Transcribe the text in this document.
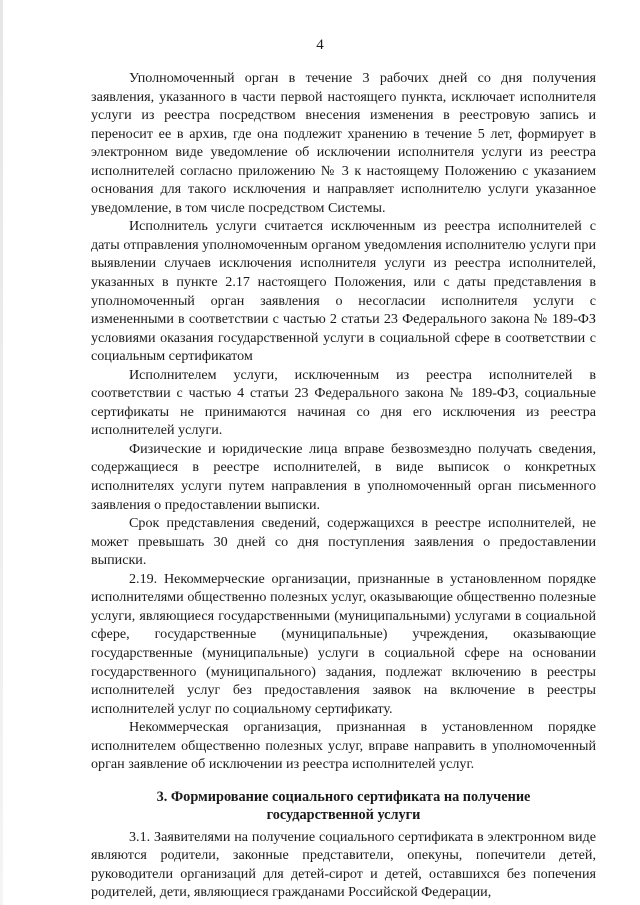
4

Уполномоченный орган в течение 3 рабочих дней со дня получения заявления, указанного в части первой настоящего пункта, исключает исполнителя услуги из реестра посредством внесения изменения в реестровую запись и переносит ее в архив, где она подлежит хранению в течение 5 лет, формирует в электронном виде уведомление об исключении исполнителя услуги из реестра исполнителей согласно приложению № 3 к настоящему Положению с указанием основания для такого исключения и направляет исполнителю услуги указанное уведомление, в том числе посредством Системы.

Исполнитель услуги считается исключенным из реестра исполнителей с даты отправления уполномоченным органом уведомления исполнителю услуги при выявлении случаев исключения исполнителя услуги из реестра исполнителей, указанных в пункте 2.17 настоящего Положения, или с даты представления в уполномоченный орган заявления о несогласии исполнителя услуги с измененными в соответствии с частью 2 статьи 23 Федерального закона № 189-ФЗ условиями оказания государственной услуги в социальной сфере в соответствии с социальным сертификатом

Исполнителем услуги, исключенным из реестра исполнителей в соответствии с частью 4 статьи 23 Федерального закона № 189-ФЗ, социальные сертификаты не принимаются начиная со дня его исключения из реестра исполнителей услуги.

Физические и юридические лица вправе безвозмездно получать сведения, содержащиеся в реестре исполнителей, в виде выписок о конкретных исполнителях услуги путем направления в уполномоченный орган письменного заявления о предоставлении выписки.

Срок представления сведений, содержащихся в реестре исполнителей, не может превышать 30 дней со дня поступления заявления о предоставлении выписки.

2.19. Некоммерческие организации, признанные в установленном порядке исполнителями общественно полезных услуг, оказывающие общественно полезные услуги, являющиеся государственными (муниципальными) услугами в социальной сфере, государственные (муниципальные) учреждения, оказывающие государственные (муниципальные) услуги в социальной сфере на основании государственного (муниципального) задания, подлежат включению в реестры исполнителей услуг без предоставления заявок на включение в реестры исполнителей услуг по социальному сертификату.

Некоммерческая организация, признанная в установленном порядке исполнителем общественно полезных услуг, вправе направить в уполномоченный орган заявление об исключении из реестра исполнителей услуг.

3. Формирование социального сертификата на получение государственной услуги

3.1. Заявителями на получение социального сертификата в электронном виде являются родители, законные представители, опекуны, попечители детей, руководители организаций для детей-сирот и детей, оставшихся без попечения родителей, дети, являющиеся гражданами Российской Федерации,
